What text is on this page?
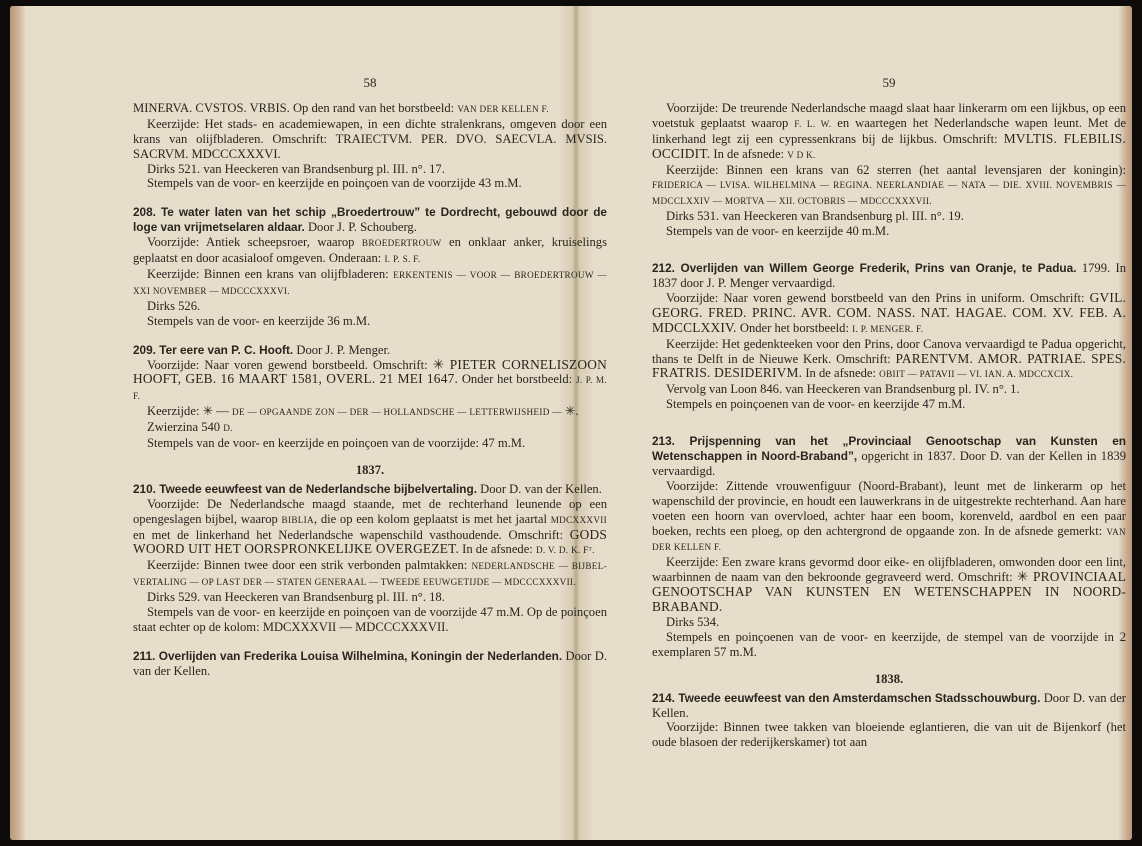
58

MINERVA. CVSTOS. VRBIS. Op den rand van het borstbeeld: VAN DER KELLEN F.

Keerzijde: Het stads- en academiewapen, in een dichte stralenkrans, omgeven door een krans van olijfbladeren. Omschrift: TRAIECTVM. PER. DVO. SAECVLA. MVSIS. SACRVM. MDCCCXXXVI.

Dirks 521. van Heeckeren van Brandsenburg pl. III. n°. 17.

Stempels van de voor- en keerzijde en poinçoen van de voorzijde 43 m.M.

208. Te water laten van het schip „Broedertrouw” te Dordrecht, gebouwd door de loge van vrijmetselaren aldaar. Door J. P. Schouberg.

Voorzijde: Antiek scheepsroer, waarop BROEDERTROUW en onklaar anker, kruiselings geplaatst en door acasialoof omgeven. Onderaan: I. P. S. F.

Keerzijde: Binnen een krans van olijfbladeren: ERKENTENIS — VOOR — BROEDERTROUW — XXI NOVEMBER — MDCCCXXXVI.

Dirks 526.

Stempels van de voor- en keerzijde 36 m.M.

209. Ter eere van P. C. Hooft. Door J. P. Menger.

Voorzijde: Naar voren gewend borstbeeld. Omschrift: ✳ PIETER CORNELISZOON HOOFT, GEB. 16 MAART 1581, OVERL. 21 MEI 1647. Onder het borstbeeld: J. P. M. F.

Keerzijde: ✳ — DE — OPGAANDE ZON — DER — HOLLANDSCHE — LETTERWIJSHEID — ✳.

Zwierzina 540 D.

Stempels van de voor- en keerzijde en poinçoen van de voorzijde: 47 m.M.

1837.

210. Tweede eeuwfeest van de Nederlandsche bijbelvertaling. Door D. van der Kellen.

Voorzijde: De Nederlandsche maagd staande, met de rechterhand leunende op een opengeslagen bijbel, waarop BIBLIA, die op een kolom geplaatst is met het jaartal MDCXXXVII en met de linkerhand het Nederlandsche wapenschild vasthoudende. Omschrift: GODS WOORD UIT HET OORSPRONKELIJKE OVERGEZET. In de afsnede: D. V. D. K. Fᵀ.

Keerzijde: Binnen twee door een strik verbonden palmtakken: NEDERLANDSCHE — BIJBEL-VERTALING — OP LAST DER — STATEN GENERAAL — TWEEDE EEUWGETIJDE — MDCCCXXXVII.

Dirks 529. van Heeckeren van Brandsenburg pl. III. n°. 18.

Stempels van de voor- en keerzijde en poinçoen van de voorzijde 47 m.M. Op de poinçoen staat echter op de kolom: MDCXXXVII — MDCCCXXXVII.

211. Overlijden van Frederika Louisa Wilhelmina, Koningin der Nederlanden. Door D. van der Kellen.

59

Voorzijde: De treurende Nederlandsche maagd slaat haar linkerarm om een lijkbus, op een voetstuk geplaatst waarop F. L. W. en waartegen het Nederlandsche wapen leunt. Met de linkerhand legt zij een cypressenkrans bij de lijkbus. Omschrift: MVLTIS. FLEBILIS. OCCIDIT. In de afsnede: V D K.

Keerzijde: Binnen een krans van 62 sterren (het aantal levensjaren der koningin): FRIDERICA — LVISA. WILHELMINA — REGINA. NEERLANDIAE — NATA — DIE. XVIII. NOVEMBRIS — MDCCLXXIV — MORTVA — XII. OCTOBRIS — MDCCCXXXVII.

Dirks 531. van Heeckeren van Brandsenburg pl. III. n°. 19.

Stempels van de voor- en keerzijde 40 m.M.

212. Overlijden van Willem George Frederik, Prins van Oranje, te Padua. 1799. In 1837 door J. P. Menger vervaardigd.

Voorzijde: Naar voren gewend borstbeeld van den Prins in uniform. Omschrift: GVIL. GEORG. FRED. PRINC. AVR. COM. NASS. NAT. HAGAE. COM. XV. FEB. A. MDCCLXXIV. Onder het borstbeeld: I. P. MENGER. F.

Keerzijde: Het gedenkteeken voor den Prins, door Canova vervaardigd te Padua opgericht, thans te Delft in de Nieuwe Kerk. Omschrift: PARENTVM. AMOR. PATRIAE. SPES. FRATRIS. DESIDERIVM. In de afsnede: OBIIT — PATAVII — VI. IAN. A. MDCCXCIX.

Vervolg van Loon 846. van Heeckeren van Brandsenburg pl. IV. n°. 1.

Stempels en poinçoenen van de voor- en keerzijde 47 m.M.

213. Prijspenning van het „Provinciaal Genootschap van Kunsten en Wetenschappen in Noord-Braband”, opgericht in 1837. Door D. van der Kellen in 1839 vervaardigd.

Voorzijde: Zittende vrouwenfiguur (Noord-Brabant), leunt met de linkerarm op het wapenschild der provincie, en houdt een lauwerkrans in de uitgestrekte rechterhand. Aan hare voeten een hoorn van overvloed, achter haar een boom, korenveld, aardbol en een paar boeken, rechts een ploeg, op den achtergrond de opgaande zon. In de afsnede gemerkt: VAN DER KELLEN F.

Keerzijde: Een zware krans gevormd door eike- en olijfbladeren, omwonden door een lint, waarbinnen de naam van den bekroonde gegraveerd werd. Omschrift: ✳ PROVINCIAAL GENOOTSCHAP VAN KUNSTEN EN WETENSCHAPPEN IN NOORD-BRABAND.

Dirks 534.

Stempels en poinçoenen van de voor- en keerzijde, de stempel van de voorzijde in 2 exemplaren 57 m.M.

1838.

214. Tweede eeuwfeest van den Amsterdamschen Stadsschouwburg. Door D. van der Kellen.

Voorzijde: Binnen twee takken van bloeiende eglantieren, die van uit de Bijenkorf (het oude blasoen der rederijkerskamer) tot aan
